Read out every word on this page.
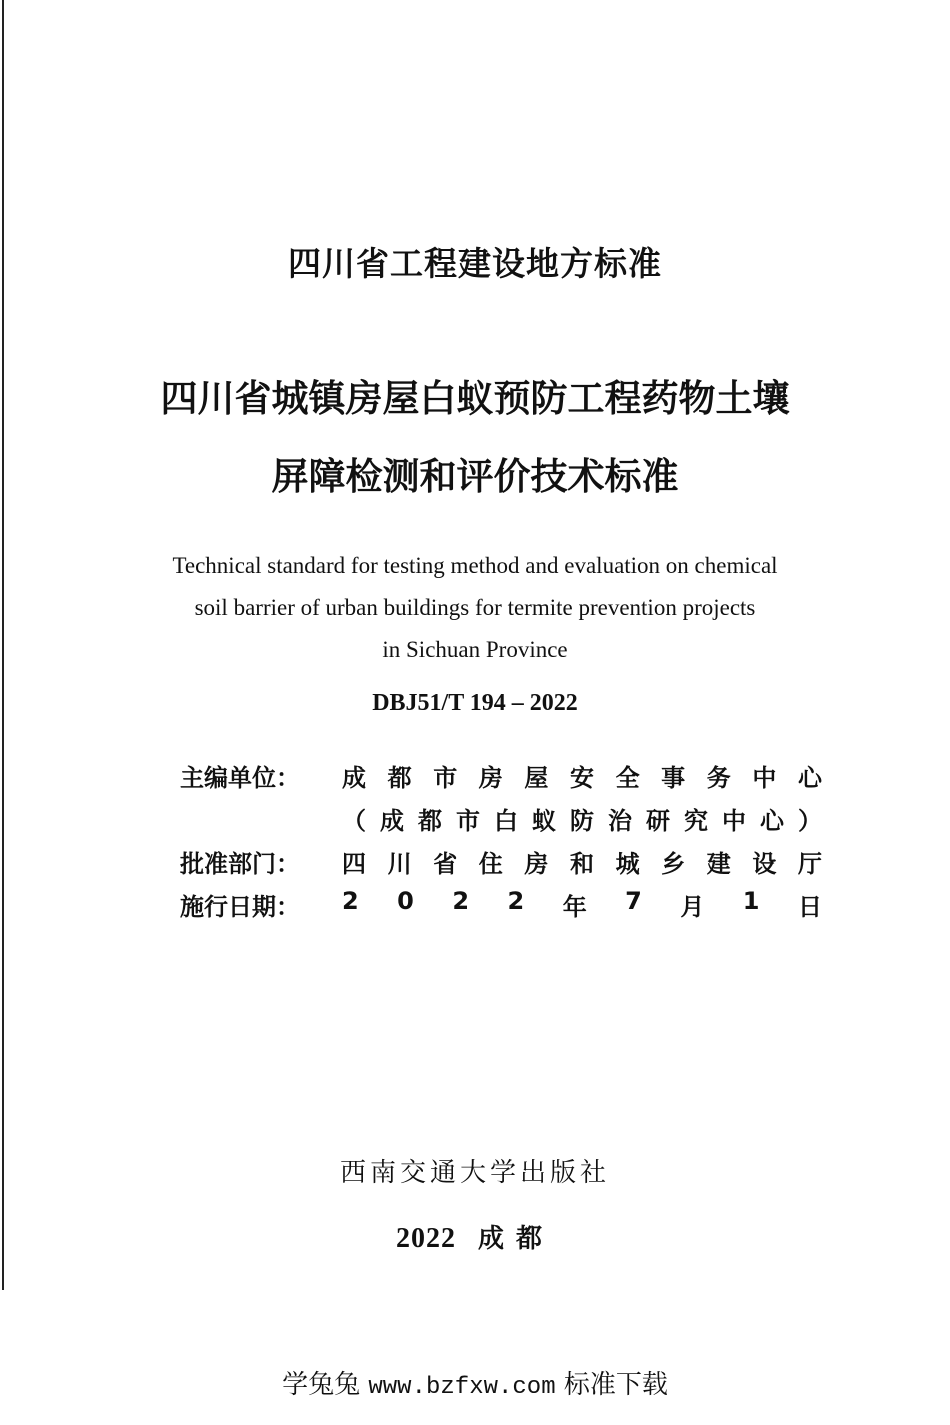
四川省工程建设地方标准
四川省城镇房屋白蚁预防工程药物土壤
屏障检测和评价技术标准
Technical standard for testing method and evaluation on chemical
soil barrier of urban buildings for termite prevention projects
in Sichuan Province
DBJ51/T 194 – 2022
主编单位：	成 都 市 房 屋 安 全 事 务 中 心
（ 成 都 市 白 蚁 防 治 研 究 中 心 ）
批准部门：	四 川 省 住 房 和 城 乡 建 设 厅
施行日期：	2 0 2 2 年 7 月 1 日
西南交通大学出版社
2022 成都
学兔兔 www.bzfxw.com 标准下载
